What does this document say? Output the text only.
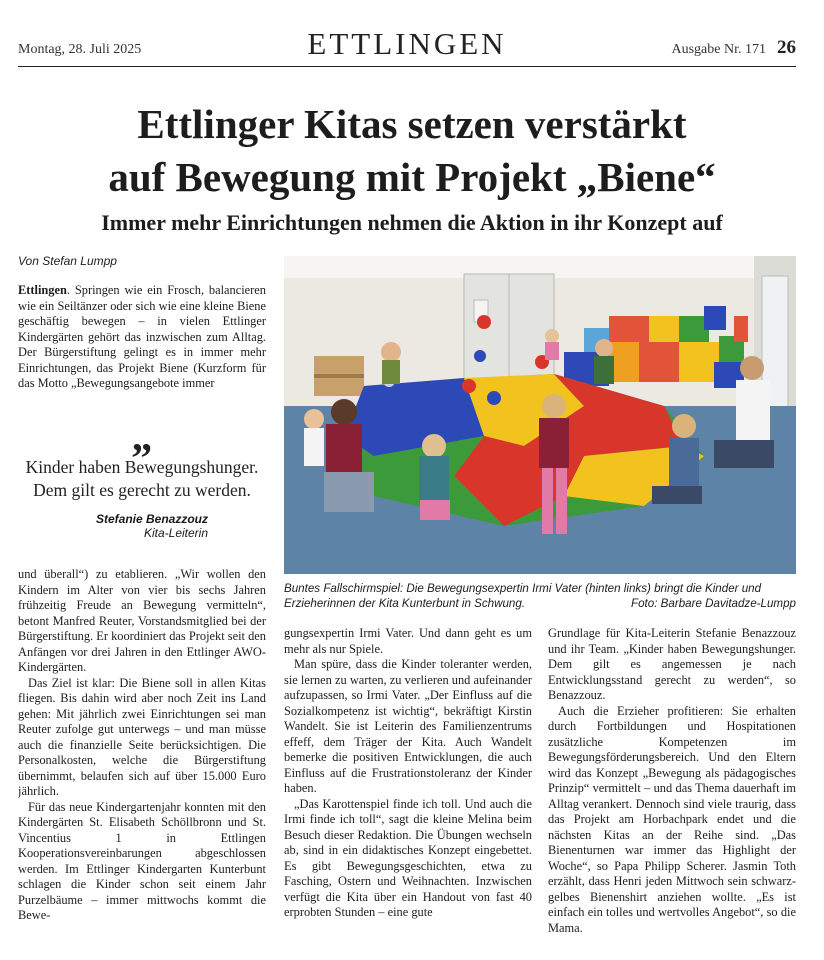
Montag, 28. Juli 2025	ETTLINGEN	Ausgabe Nr. 171 26
Ettlinger Kitas setzen verstärkt
auf Bewegung mit Projekt „Biene“
Immer mehr Einrichtungen nehmen die Aktion in ihr Konzept auf
Von Stefan Lumpp

Ettlingen. Springen wie ein Frosch, balancieren wie ein Seiltänzer oder sich wie eine kleine Biene geschäftig bewegen – in vielen Ettlinger Kindergärten gehört das inzwischen zum Alltag. Der Bürgerstiftung gelingt es in immer mehr Einrichtungen, das Projekt Biene (Kurzform für das Motto „Bewegungsangebote immer

„

Kinder haben Bewegungshunger. Dem gilt es gerecht zu werden.

Stefanie Benazzouz
Kita-Leiterin

und überall“) zu etablieren. „Wir wollen den Kindern im Alter von vier bis sechs Jahren frühzeitig Freude an Bewegung vermitteln“, betont Manfred Reuter, Vorstandsmitglied bei der Bürgerstiftung. Er koordiniert das Projekt seit den Anfängen vor drei Jahren in den Ettlinger AWO-Kindergärten.

Das Ziel ist klar: Die Biene soll in allen Kitas fliegen. Bis dahin wird aber noch Zeit ins Land gehen: Mit jährlich zwei Einrichtungen sei man Reuter zufolge gut unterwegs – und man müsse auch die finanzielle Seite berücksichtigen. Die Personalkosten, welche die Bürgerstiftung übernimmt, belaufen sich auf über 15.000 Euro jährlich.

Für das neue Kindergartenjahr konnten mit den Kindergärten St. Elisabeth Schöllbronn und St. Vincentius 1 in Ettlingen Kooperationsvereinbarungen abgeschlossen werden. Im Ettlinger Kindergarten Kunterbunt schlagen die Kinder schon seit einem Jahr Purzelbäume – immer mittwochs kommt die Bewe-

Buntes Fallschirmspiel: Die Bewegungsexpertin Irmi Vater (hinten links) bringt die Kinder und Erzieherinnen der Kita Kunterbunt in Schwung.	Foto: Barbare Davitadze-Lumpp

gungsexpertin Irmi Vater. Und dann geht es um mehr als nur Spiele.

Man spüre, dass die Kinder toleranter werden, sie lernen zu warten, zu verlieren und aufeinander aufzupassen, so Irmi Vater. „Der Einfluss auf die Sozialkompetenz ist wichtig“, bekräftigt Kirstin Wandelt. Sie ist Leiterin des Familienzentrums effeff, dem Träger der Kita. Auch Wandelt bemerke die positiven Entwicklungen, die auch Einfluss auf die Frustrationstoleranz der Kinder haben.

„Das Karottenspiel finde ich toll. Und auch die Irmi finde ich toll“, sagt die kleine Melina beim Besuch dieser Redaktion. Die Übungen wechseln ab, sind in ein didaktisches Konzept eingebettet. Es gibt Bewegungsgeschichten, etwa zu Fasching, Ostern und Weihnachten. Inzwischen verfügt die Kita über ein Handout von fast 40 erprobten Stunden – eine gute

Grundlage für Kita-Leiterin Stefanie Benazzouz und ihr Team. „Kinder haben Bewegungshunger. Dem gilt es angemessen je nach Entwicklungsstand gerecht zu werden“, so Benazzouz.

Auch die Erzieher profitieren: Sie erhalten durch Fortbildungen und Hospitationen zusätzliche Kompetenzen im Bewegungsförderungsbereich. Und den Eltern wird das Konzept „Bewegung als pädagogisches Prinzip“ vermittelt – und das Thema dauerhaft im Alltag verankert. Dennoch sind viele traurig, dass das Projekt am Horbachpark endet und die nächsten Kitas an der Reihe sind. „Das Bienenturnen war immer das Highlight der Woche“, so Papa Philipp Scherer. Jasmin Toth erzählt, dass Henri jeden Mittwoch sein schwarz-gelbes Bienenshirt anziehen wollte. „Es ist einfach ein tolles und wertvolles Angebot“, so die Mama.
